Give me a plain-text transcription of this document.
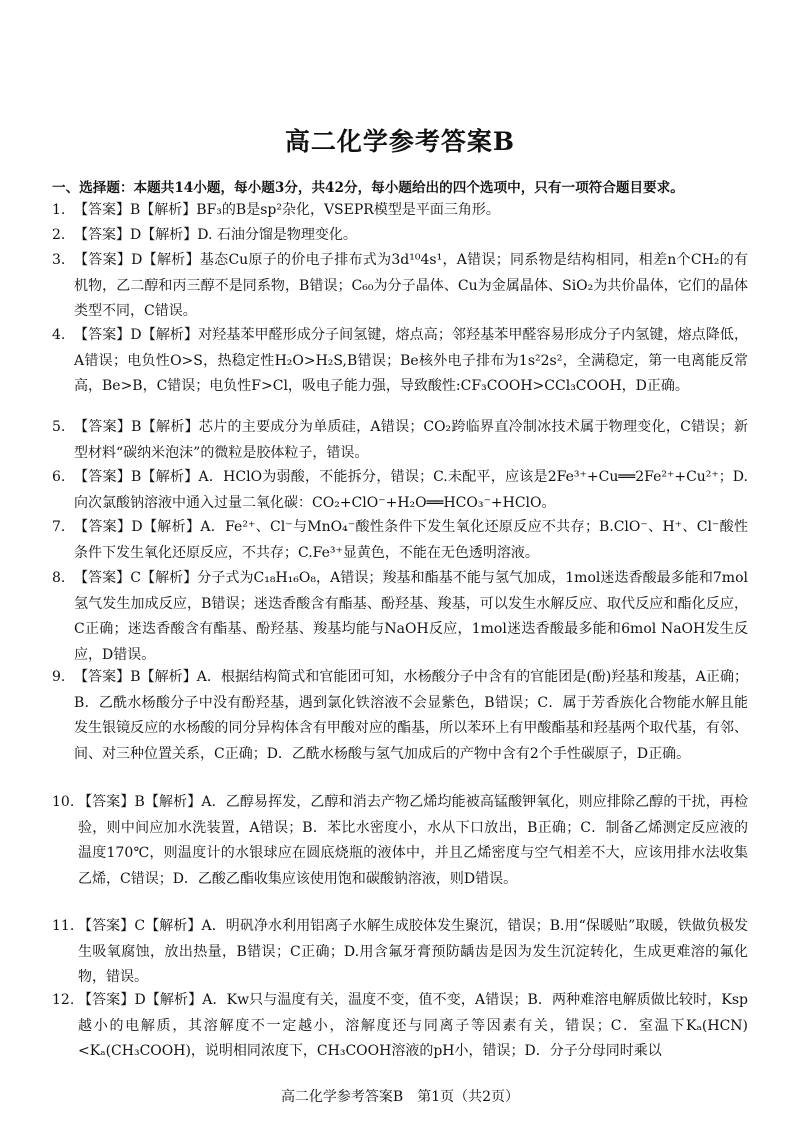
高二化学参考答案B
一、选择题：本题共14小题，每小题3分，共42分，每小题给出的四个选项中，只有一项符合题目要求。
1. 【答案】B【解析】BF₃的B是sp²杂化，VSEPR模型是平面三角形。
2. 【答案】D【解析】D. 石油分馏是物理变化。
3. 【答案】D【解析】基态Cu原子的价电子排布式为3d¹⁰4s¹，A错误；同系物是结构相同，相差n个CH₂的有机物，乙二醇和丙三醇不是同系物，B错误；C₆₀为分子晶体、Cu为金属晶体、SiO₂为共价晶体，它们的晶体类型不同，C错误。
4. 【答案】D【解析】对羟基苯甲醛形成分子间氢键，熔点高；邻羟基苯甲醛容易形成分子内氢键，熔点降低，A错误；电负性O>S，热稳定性H₂O>H₂S,B错误；Be核外电子排布为1s²2s²，全满稳定，第一电离能反常高，Be>B，C错误；电负性F>Cl，吸电子能力强，导致酸性:CF₃COOH>CCl₃COOH，D正确。
5. 【答案】B【解析】芯片的主要成分为单质硅，A错误；CO₂跨临界直冷制冰技术属于物理变化，C错误；新型材料“碳纳米泡沫”的微粒是胶体粒子，错误。
6. 【答案】B【解析】A．HClO为弱酸，不能拆分，错误；C.未配平，应该是2Fe³⁺+Cu══2Fe²⁺+Cu²⁺；D.向次氯酸钠溶液中通入过量二氧化碳：CO₂+ClO⁻+H₂O══HCO₃⁻+HClO。
7. 【答案】D【解析】A．Fe²⁺、Cl⁻与MnO₄⁻酸性条件下发生氧化还原反应不共存；B.ClO⁻、H⁺、Cl⁻酸性条件下发生氧化还原反应，不共存；C.Fe³⁺显黄色，不能在无色透明溶液。
8. 【答案】C【解析】分子式为C₁₈H₁₆O₈，A错误；羧基和酯基不能与氢气加成，1mol迷迭香酸最多能和7mol氢气发生加成反应，B错误；迷迭香酸含有酯基、酚羟基、羧基，可以发生水解反应、取代反应和酯化反应，C正确；迷迭香酸含有酯基、酚羟基、羧基均能与NaOH反应，1mol迷迭香酸最多能和6mol NaOH发生反应，D错误。
9. 【答案】B【解析】A．根据结构简式和官能团可知，水杨酸分子中含有的官能团是(酚)羟基和羧基，A正确；B．乙酰水杨酸分子中没有酚羟基，遇到氯化铁溶液不会显紫色，B错误；C．属于芳香族化合物能水解且能发生银镜反应的水杨酸的同分异构体含有甲酸对应的酯基，所以苯环上有甲酸酯基和羟基两个取代基，有邻、间、对三种位置关系，C正确；D．乙酰水杨酸与氢气加成后的产物中含有2个手性碳原子，D正确。
10. 【答案】B【解析】A．乙醇易挥发，乙醇和消去产物乙烯均能被高锰酸钾氧化，则应排除乙醇的干扰，再检验，则中间应加水洗装置，A错误；B．苯比水密度小，水从下口放出，B正确；C．制备乙烯测定反应液的温度170℃，则温度计的水银球应在圆底烧瓶的液体中，并且乙烯密度与空气相差不大，应该用排水法收集乙烯，C错误；D．乙酸乙酯收集应该使用饱和碳酸钠溶液，则D错误。
11. 【答案】C【解析】A．明矾净水利用铝离子水解生成胶体发生聚沉，错误；B.用“保暖贴”取暖，铁做负极发生吸氧腐蚀，放出热量，B错误；C正确；D.用含氟牙膏预防龋齿是因为发生沉淀转化，生成更难溶的氟化物，错误。
12. 【答案】D【解析】A．Kw只与温度有关，温度不变，值不变，A错误；B．两种难溶电解质做比较时，Ksp越小的电解质，其溶解度不一定越小，溶解度还与同离子等因素有关，错误；C．室温下Kₐ(HCN)<Kₐ(CH₃COOH)，说明相同浓度下，CH₃COOH溶液的pH小，错误；D．分子分母同时乘以
高二化学参考答案B　第1页（共2页）
